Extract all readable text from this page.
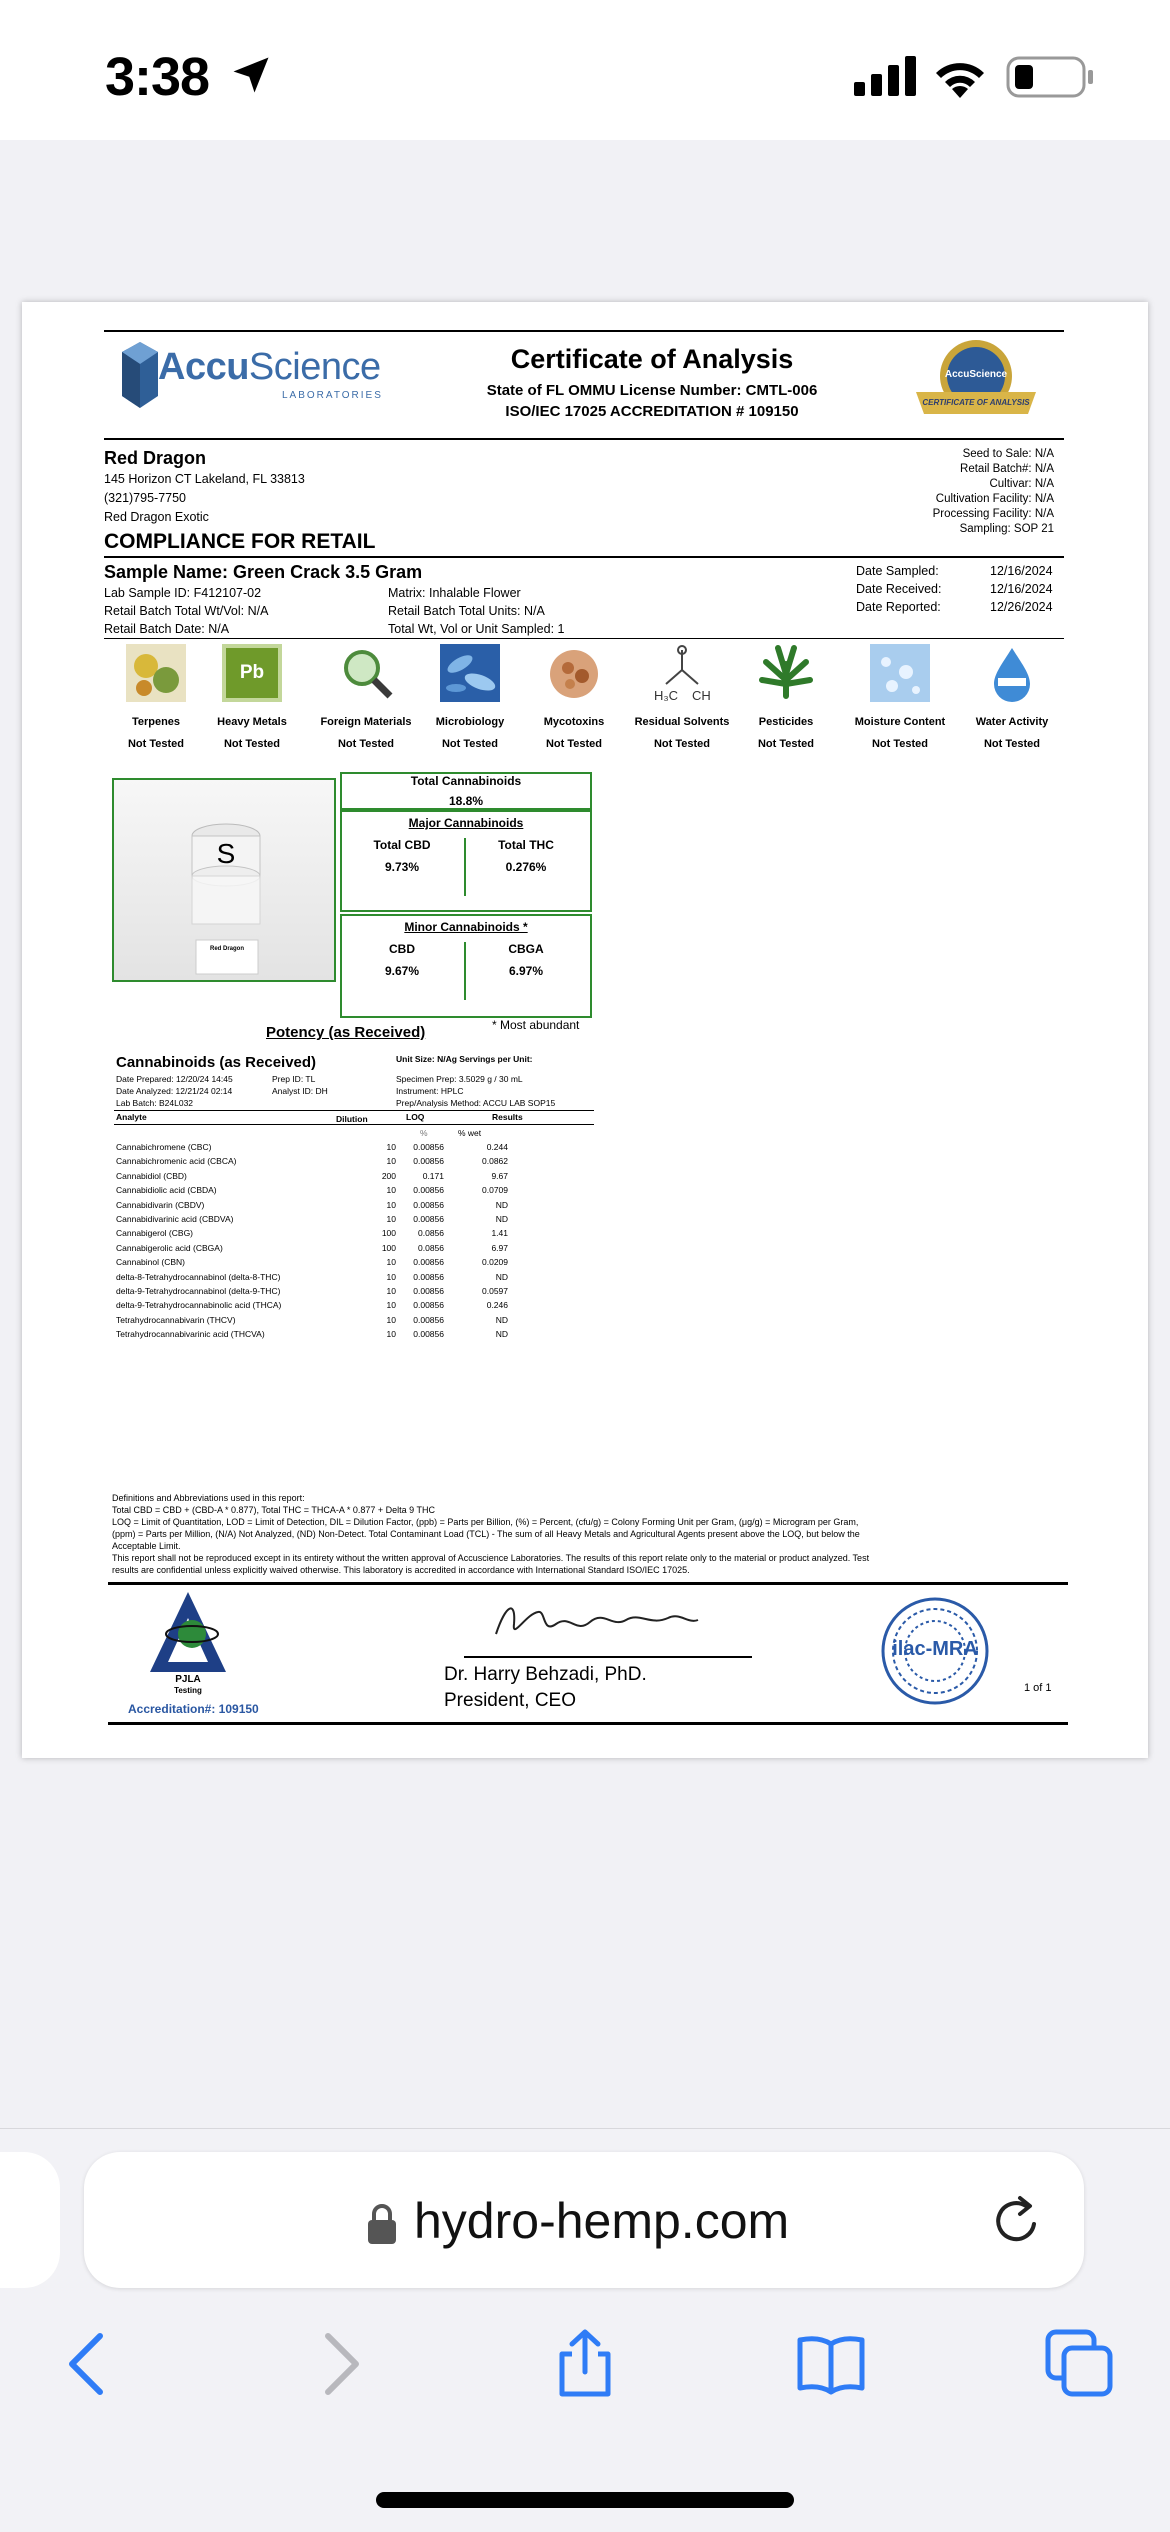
3:38
AccuScience
LABORATORIES
Certificate of Analysis
State of FL OMMU License Number: CMTL-006
ISO/IEC 17025 ACCREDITATION # 109150
AccuScience
CERTIFICATE OF ANALYSIS
Red Dragon
145 Horizon CT Lakeland, FL 33813
(321)795-7750
Red Dragon Exotic
Seed to Sale: N/A
Retail Batch#: N/A
Cultivar: N/A
Cultivation Facility: N/A
Processing Facility: N/A
Sampling: SOP 21
COMPLIANCE FOR RETAIL
Sample Name: Green Crack 3.5 Gram
Lab Sample ID: F412107-02	Matrix: Inhalable Flower
Retail Batch Total Wt/Vol: N/A	Retail Batch Total Units: N/A
Retail Batch Date: N/A	Total Wt, Vol or Unit Sampled: 1
Date Sampled:	12/16/2024
Date Received:	12/16/2024
Date Reported:	12/26/2024
Pb
H₃C CH
Terpenes
Not Tested
Heavy Metals
Not Tested
Foreign Materials
Not Tested
Microbiology
Not Tested
Mycotoxins
Not Tested
Residual Solvents
Not Tested
Pesticides
Not Tested
Moisture Content
Not Tested
Water Activity
Not Tested
S
Red Dragon
Total Cannabinoids
18.8%
Major Cannabinoids
Total CBD
9.73%
Total THC
0.276%
Minor Cannabinoids *
CBD
9.67%
CBGA
6.97%
* Most abundant
Potency (as Received)
Cannabinoids (as Received)
Date Prepared: 12/20/24 14:45
Date Analyzed: 12/21/24 02:14
Lab Batch: B24L032
Prep ID: TL
Analyst ID: DH
Unit Size: N/Ag Servings per Unit:
Specimen Prep: 3.5029 g / 30 mL
Instrument: HPLC
Prep/Analysis Method: ACCU LAB SOP15
Analyte	Dilution	LOQ	Results
%	% wet
Cannabichromene (CBC)	10	0.00856	0.244
Cannabichromenic acid (CBCA)	10	0.00856	0.0862
Cannabidiol (CBD)	200	0.171	9.67
Cannabidiolic acid (CBDA)	10	0.00856	0.0709
Cannabidivarin (CBDV)	10	0.00856	ND
Cannabidivarinic acid (CBDVA)	10	0.00856	ND
Cannabigerol (CBG)	100	0.0856	1.41
Cannabigerolic acid (CBGA)	100	0.0856	6.97
Cannabinol (CBN)	10	0.00856	0.0209
delta-8-Tetrahydrocannabinol (delta-8-THC)	10	0.00856	ND
delta-9-Tetrahydrocannabinol (delta-9-THC)	10	0.00856	0.0597
delta-9-Tetrahydrocannabinolic acid (THCA)	10	0.00856	0.246
Tetrahydrocannabivarin (THCV)	10	0.00856	ND
Tetrahydrocannabivarinic acid (THCVA)	10	0.00856	ND
Definitions and Abbreviations used in this report:
Total CBD = CBD + (CBD-A * 0.877), Total THC = THCA-A * 0.877 + Delta 9 THC
LOQ = Limit of Quantitation, LOD = Limit of Detection, DIL = Dilution Factor, (ppb) = Parts per Billion, (%) = Percent, (cfu/g) = Colony Forming Unit per Gram, (μg/g) = Microgram per Gram,
(ppm) = Parts per Million, (N/A) Not Analyzed, (ND) Non-Detect. Total Contaminant Load (TCL) - The sum of all Heavy Metals and Agricultural Agents present above the LOQ, but below the
Acceptable Limit.
This report shall not be reproduced except in its entirety without the written approval of Accuscience Laboratories. The results of this report relate only to the material or product analyzed. Test
results are confidential unless explicitly waived otherwise. This laboratory is accredited in accordance with International Standard ISO/IEC 17025.
PJLA
Testing
Accreditation#: 109150
Dr. Harry Behzadi, PhD.
President, CEO
ilac-MRA
1 of 1
hydro-hemp.com
